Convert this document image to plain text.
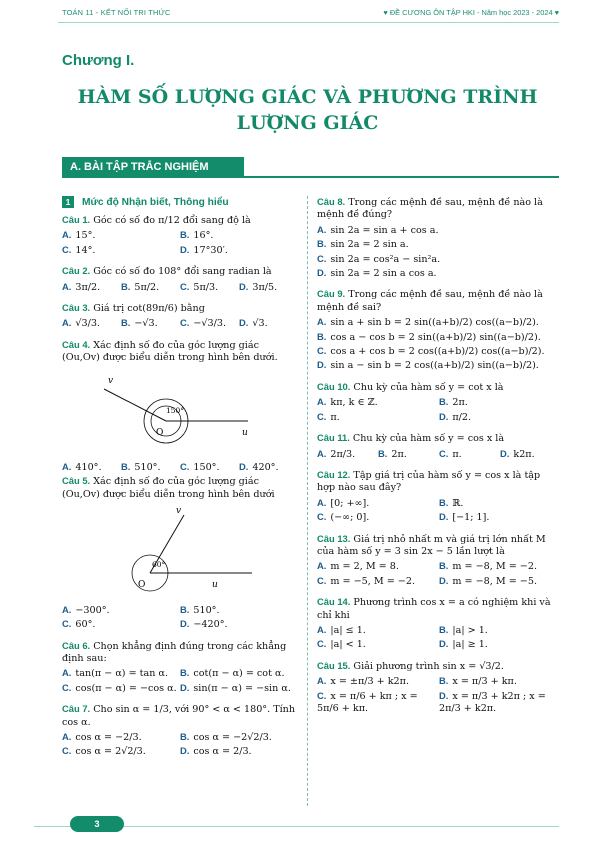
TOÁN 11 - KẾT NỐI TRI THỨC	♥ ĐỀ CƯƠNG ÔN TẬP HKI - Năm học 2023 - 2024 ♥
Chương I.
HÀM SỐ LƯỢNG GIÁC VÀ PHƯƠNG TRÌNH
LƯỢNG GIÁC
A. BÀI TẬP TRẮC NGHIỆM
1	Mức độ Nhận biết, Thông hiểu
Câu 1. Góc có số đo π/12 đổi sang độ là
A. 15°.	B. 16°.
C. 14°.	D. 17°30′.
Câu 2. Góc có số đo 108° đổi sang radian là
A. 3π/2.	B. 5π/2.	C. 5π/3.	D. 3π/5.
Câu 3. Giá trị cot(89π/6) bằng
A. √3/3.	B. −√3.	C. −√3/3.	D. √3.
Câu 4. Xác định số đo của góc lượng giác (Ou,Ov) được biểu diễn trong hình bên dưới.
v
u
O
150°
A. 410°.	B. 510°.	C. 150°.	D. 420°.
Câu 5. Xác định số đo của góc lượng giác (Ou,Ov) được biểu diễn trong hình bên dưới
v
u
O
60°
A. −300°.	B. 510°.
C. 60°.	D. −420°.
Câu 6. Chọn khẳng định đúng trong các khẳng định sau:
A. tan(π − α) = tan α.	B. cot(π − α) = cot α.
C. cos(π − α) = −cos α. D. sin(π − α) = −sin α.
Câu 7. Cho sin α = 1/3, với 90° < α < 180°. Tính cos α.
A. cos α = −2/3.	B. cos α = −2√2/3.
C. cos α = 2√2/3.	D. cos α = 2/3.
Câu 8. Trong các mệnh đề sau, mệnh đề nào là mệnh đề đúng?
A. sin 2a = sin a + cos a.
B. sin 2a = 2 sin a.
C. sin 2a = cos²a − sin²a.
D. sin 2a = 2 sin a cos a.
Câu 9. Trong các mệnh đề sau, mệnh đề nào là mệnh đề sai?
A. sin a + sin b = 2 sin((a+b)/2) cos((a−b)/2).
B. cos a − cos b = 2 sin((a+b)/2) sin((a−b)/2).
C. cos a + cos b = 2 cos((a+b)/2) cos((a−b)/2).
D. sin a − sin b = 2 cos((a+b)/2) sin((a−b)/2).
Câu 10. Chu kỳ của hàm số y = cot x là
A. kπ, k ∈ ℤ.	B. 2π.
C. π.	D. π/2.
Câu 11. Chu kỳ của hàm số y = cos x là
A. 2π/3.	B. 2π.	C. π.	D. k2π.
Câu 12. Tập giá trị của hàm số y = cos x là tập hợp nào sau đây?
A. [0; +∞].	B. ℝ.
C. (−∞; 0].	D. [−1; 1].
Câu 13. Giá trị nhỏ nhất m và giá trị lớn nhất M của hàm số y = 3 sin 2x − 5 lần lượt là
A. m = 2, M = 8.	B. m = −8, M = −2.
C. m = −5, M = −2.	D. m = −8, M = −5.
Câu 14. Phương trình cos x = a có nghiệm khi và chỉ khi
A. |a| ≤ 1.	B. |a| > 1.
C. |a| < 1.	D. |a| ≥ 1.
Câu 15. Giải phương trình sin x = √3/2.
A. x = ±π/3 + k2π.	B. x = π/3 + kπ.
C. x = π/6 + kπ ; x = 5π/6 + kπ.
D. x = π/3 + k2π ; x = 2π/3 + k2π.
3
